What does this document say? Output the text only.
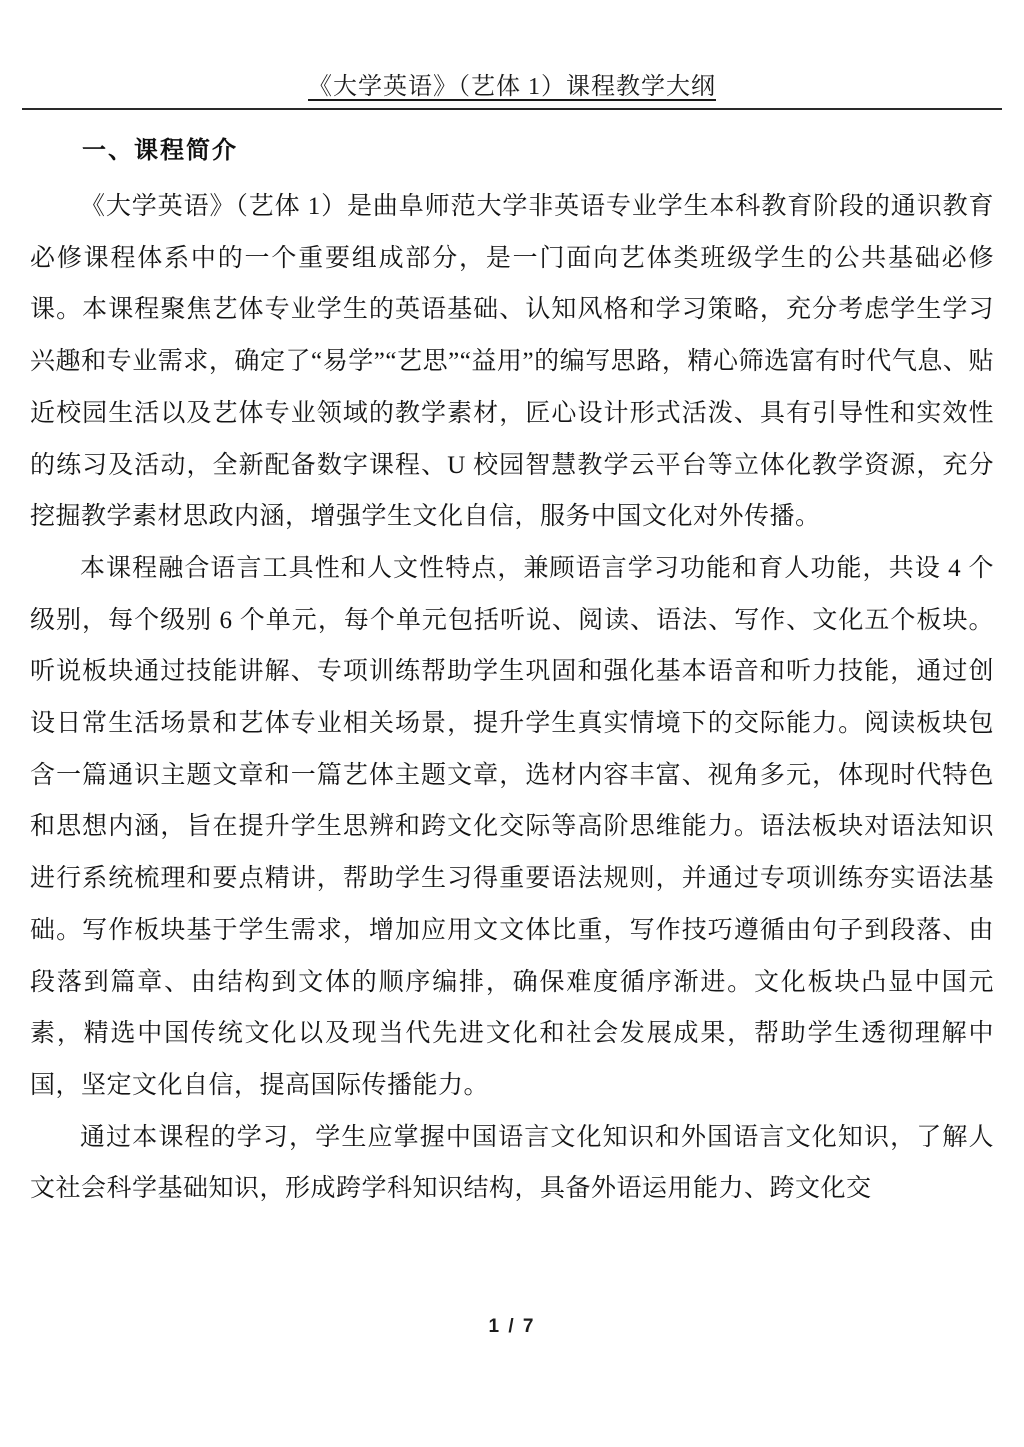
《大学英语》（艺体 1）课程教学大纲
一、课程简介

《大学英语》（艺体 1）是曲阜师范大学非英语专业学生本科教育阶段的通识教育必修课程体系中的一个重要组成部分，是一门面向艺体类班级学生的公共基础必修课。本课程聚焦艺体专业学生的英语基础、认知风格和学习策略，充分考虑学生学习兴趣和专业需求，确定了“易学”“艺思”“益用”的编写思路，精心筛选富有时代气息、贴近校园生活以及艺体专业领域的教学素材，匠心设计形式活泼、具有引导性和实效性的练习及活动，全新配备数字课程、U 校园智慧教学云平台等立体化教学资源，充分挖掘教学素材思政内涵，增强学生文化自信，服务中国文化对外传播。

本课程融合语言工具性和人文性特点，兼顾语言学习功能和育人功能，共设 4 个级别，每个级别 6 个单元，每个单元包括听说、阅读、语法、写作、文化五个板块。听说板块通过技能讲解、专项训练帮助学生巩固和强化基本语音和听力技能，通过创设日常生活场景和艺体专业相关场景，提升学生真实情境下的交际能力。阅读板块包含一篇通识主题文章和一篇艺体主题文章，选材内容丰富、视角多元，体现时代特色和思想内涵，旨在提升学生思辨和跨文化交际等高阶思维能力。语法板块对语法知识进行系统梳理和要点精讲，帮助学生习得重要语法规则，并通过专项训练夯实语法基础。写作板块基于学生需求，增加应用文文体比重，写作技巧遵循由句子到段落、由段落到篇章、由结构到文体的顺序编排，确保难度循序渐进。文化板块凸显中国元素，精选中国传统文化以及现当代先进文化和社会发展成果，帮助学生透彻理解中国，坚定文化自信，提高国际传播能力。

通过本课程的学习，学生应掌握中国语言文化知识和外国语言文化知识，了解人文社会科学基础知识，形成跨学科知识结构，具备外语运用能力、跨文化交

1 / 7
